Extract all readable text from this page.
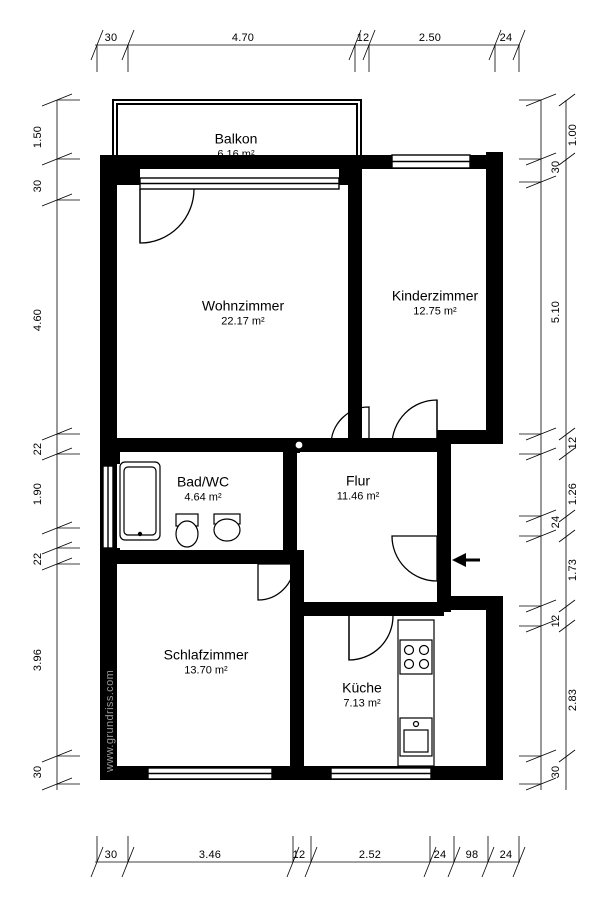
Balkon
6.16 m²
Wohnzimmer
22.17 m²
Kinderzimmer
12.75 m²
Bad/WC
4.64 m²
Flur
11.46 m²
Schlafzimmer
13.70 m²
Küche
7.13 m²
30	4.70	12	2.50	24
30	3.46	12	2.52	24 98 24
1.50
30
4.60
22
1.90
22
3.96
30
30
1.00
5.10
24
12
1.26
1.73
12
2.83
30
www.grundriss.com
